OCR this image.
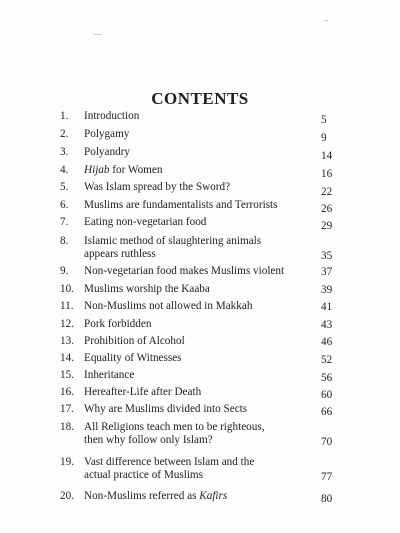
CONTENTS
1.	Introduction	5
2.	Polygamy	9
3.	Polyandry	14
4.	Hijab for Women	16
5.	Was Islam spread by the Sword?	22
6.	Muslims are fundamentalists and Terrorists	26
7.	Eating non-vegetarian food	29
8.	Islamic method of slaughtering animals
appears ruthless	35
9.	Non-vegetarian food makes Muslims violent	37
10. Muslims worship the Kaaba	39
11. Non-Muslims not allowed in Makkah	41
12. Pork forbidden	43
13. Prohibition of Alcohol	46
14. Equality of Witnesses	52
15. Inheritance	56
16. Hereafter-Life after Death	60
17. Why are Muslims divided into Sects	66
18. All Religions teach men to be righteous,
then why follow only Islam?	70
19. Vast difference between Islam and the
actual practice of Muslims	77
20. Non-Muslims referred as Kafirs	80
